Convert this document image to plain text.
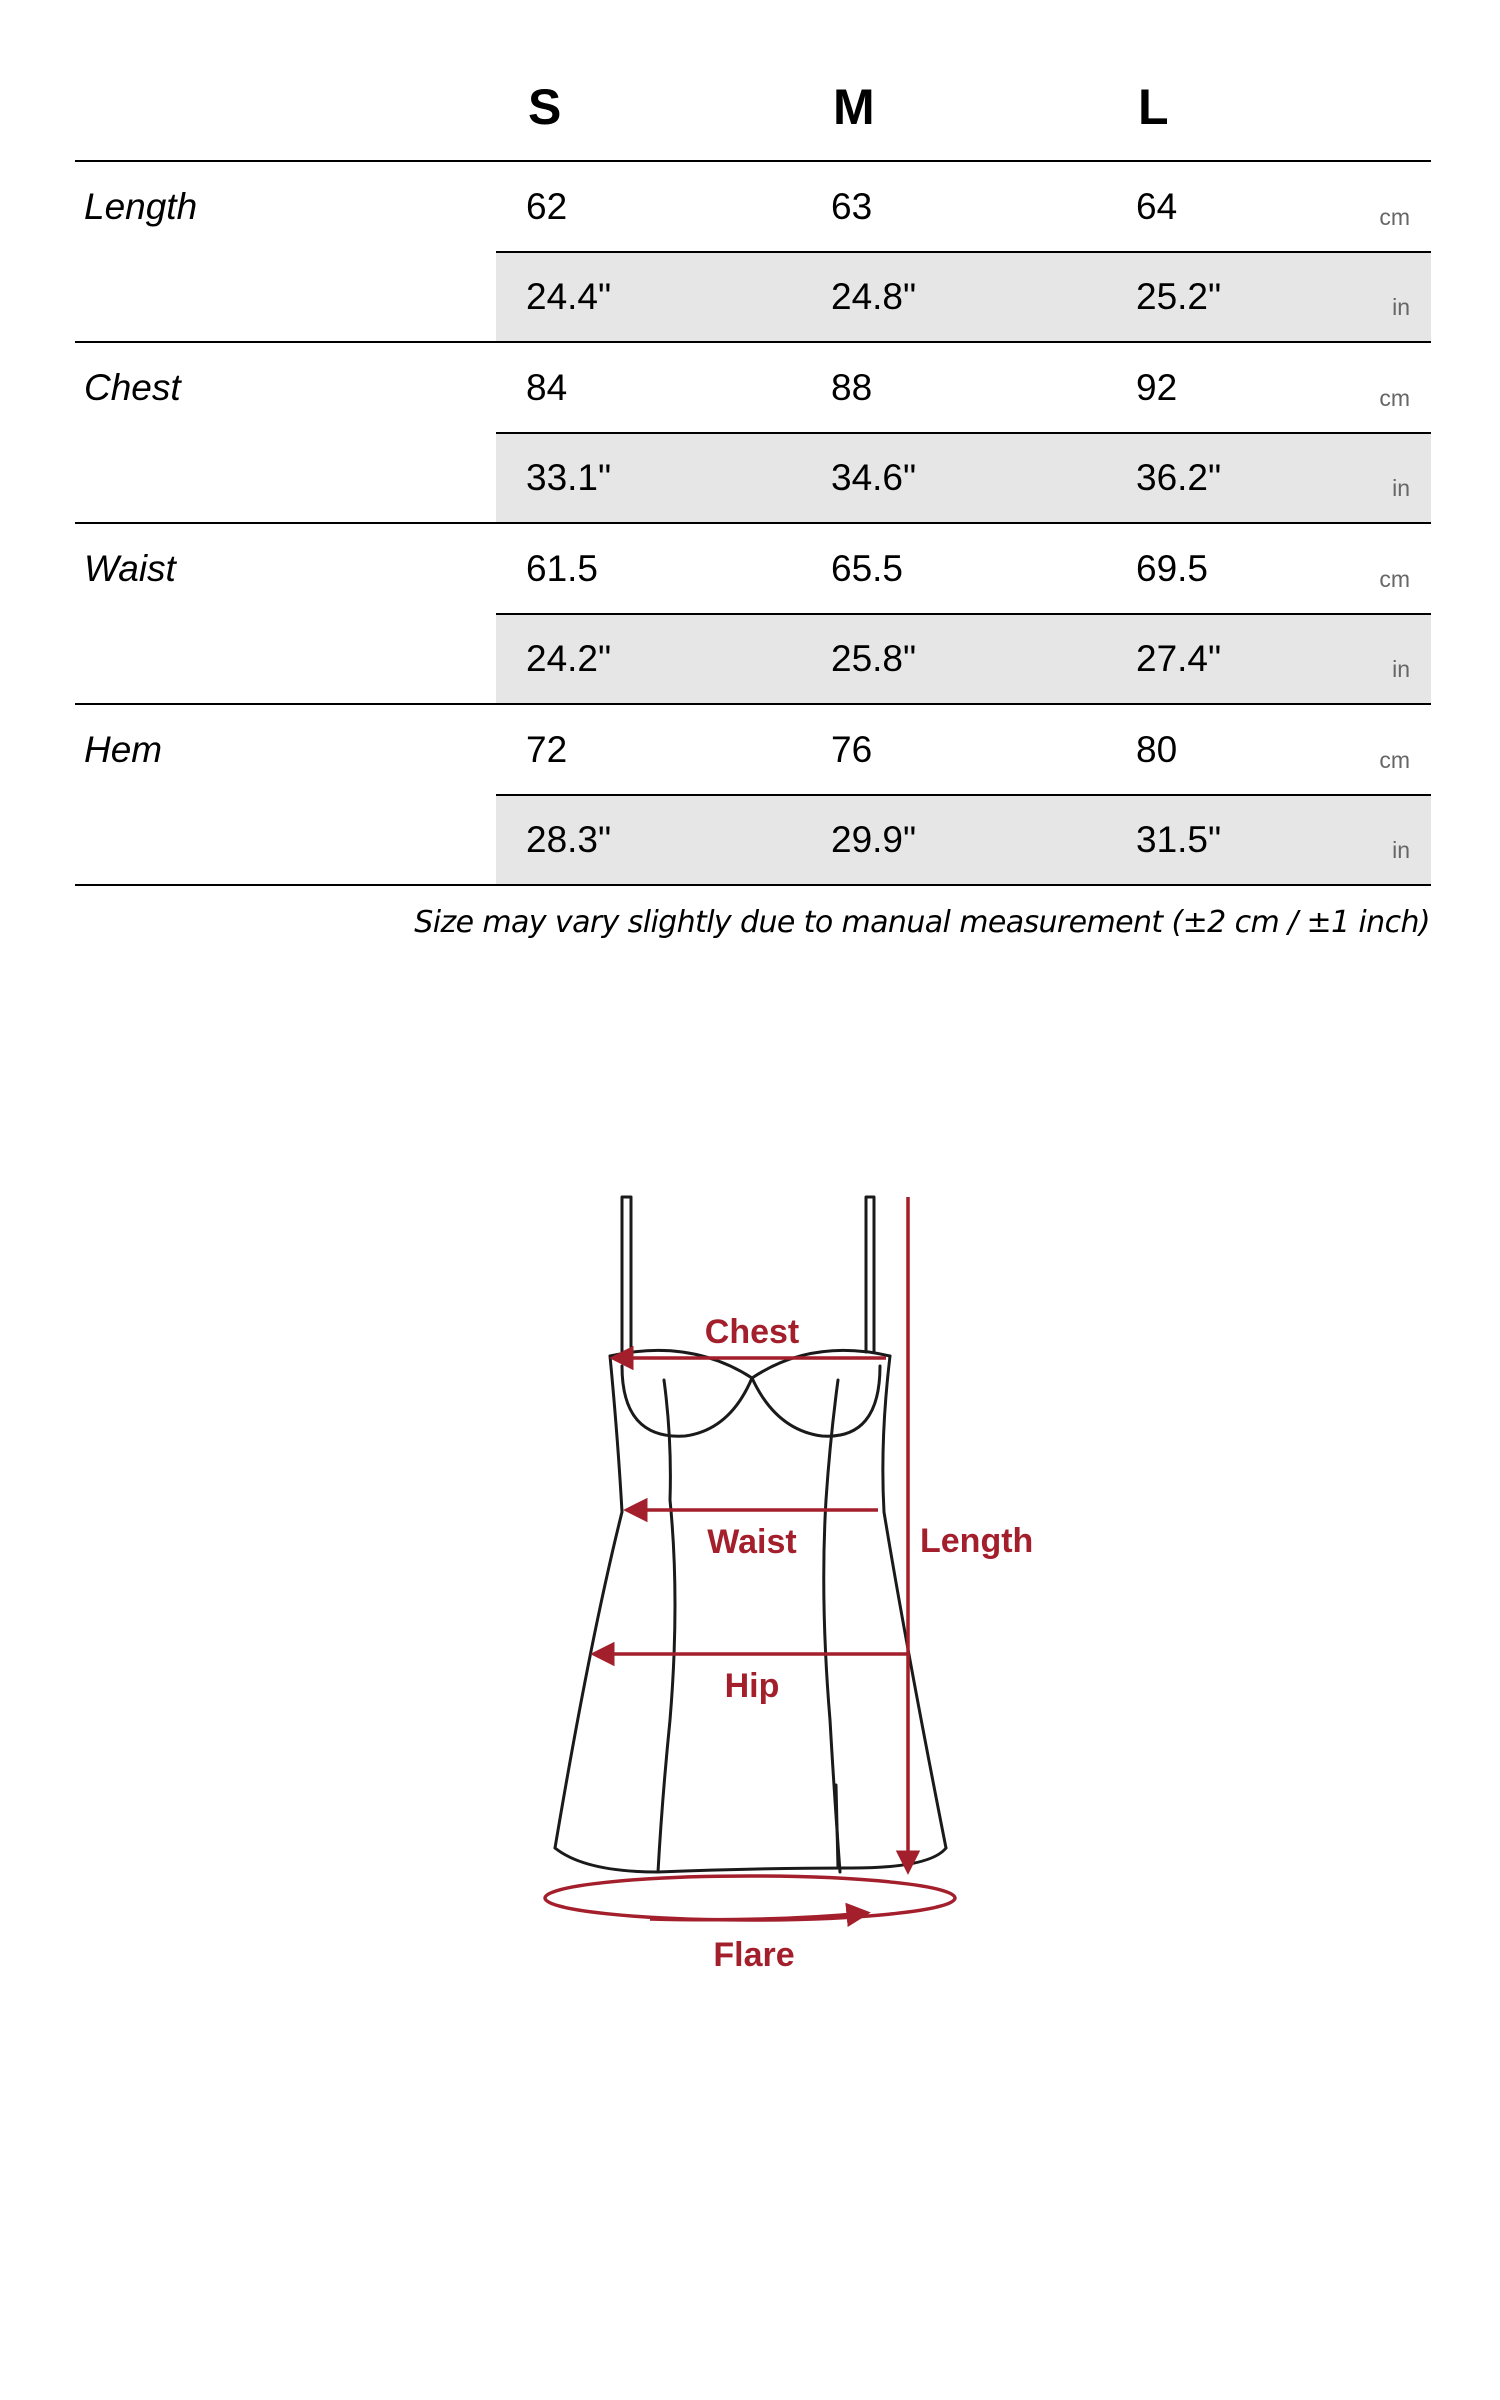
S	M	L
Length	62	63	64	cm
24.4"	24.8"	25.2"	in
Chest	84	88	92	cm
33.1"	34.6"	36.2"	in
Waist	61.5	65.5	69.5	cm
24.2"	25.8"	27.4"	in
Hem	72	76	80	cm
28.3"	29.9"	31.5"	in
Size may vary slightly due to manual measurement (±2 cm / ±1 inch)
Chest
Waist	Length
Hip
Flare
